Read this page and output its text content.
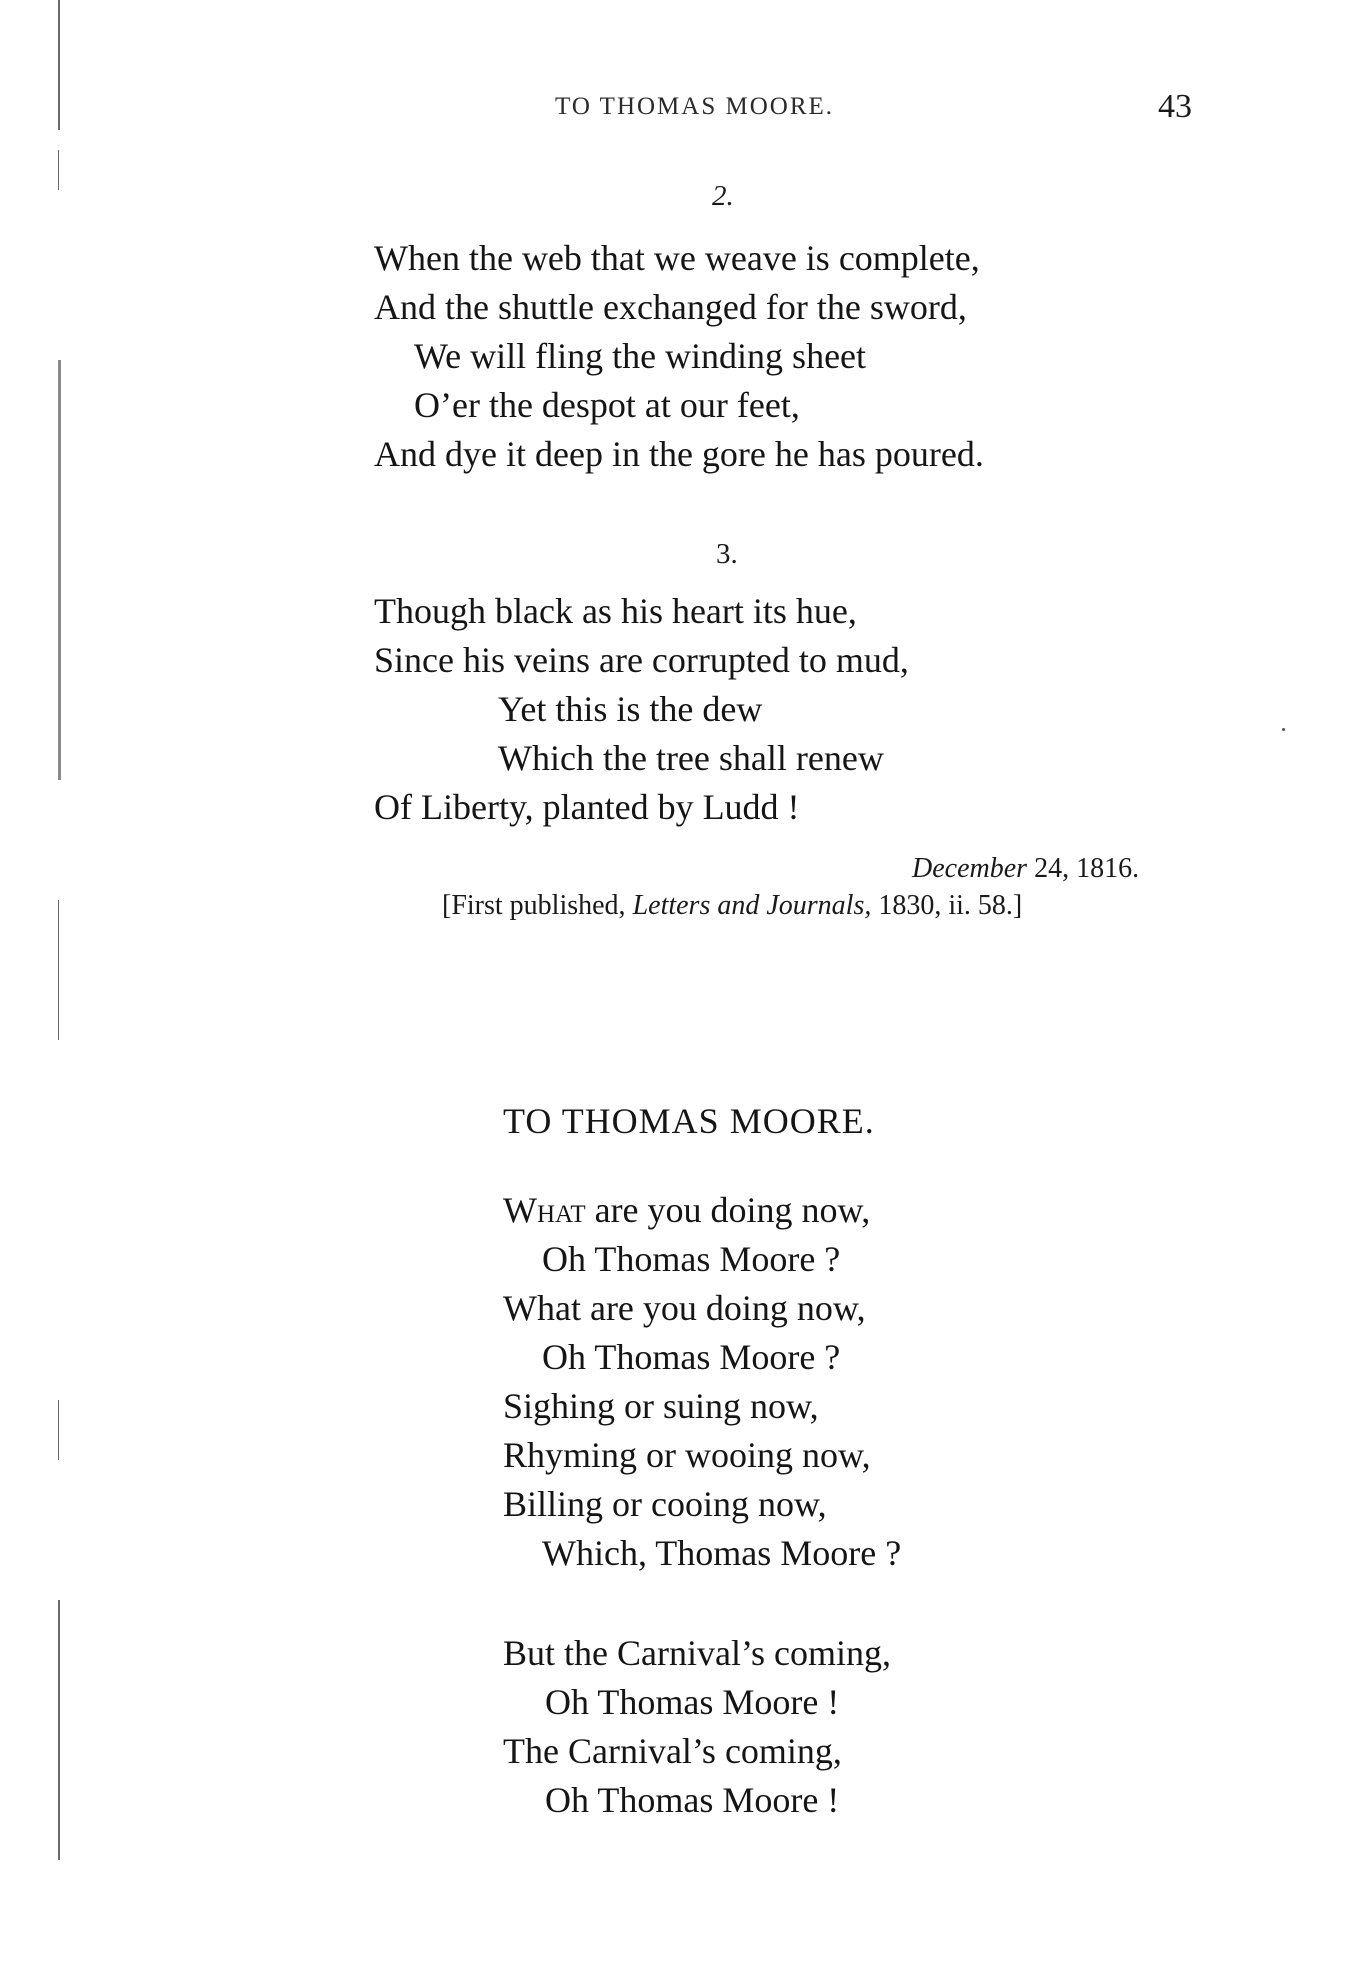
TO THOMAS MOORE.	43
2.
When the web that we weave is complete,
And the shuttle exchanged for the sword,
We will fling the winding sheet
O’er the despot at our feet,
And dye it deep in the gore he has poured.
3.
Though black as his heart its hue,
Since his veins are corrupted to mud,
Yet this is the dew
Which the tree shall renew
Of Liberty, planted by Ludd !
December 24, 1816.
[First published, Letters and Journals, 1830, ii. 58.]
TO THOMAS MOORE.
What are you doing now,
Oh Thomas Moore ?
What are you doing now,
Oh Thomas Moore ?
Sighing or suing now,
Rhyming or wooing now,
Billing or cooing now,
Which, Thomas Moore ?
But the Carnival’s coming,
Oh Thomas Moore !
The Carnival’s coming,
Oh Thomas Moore !
